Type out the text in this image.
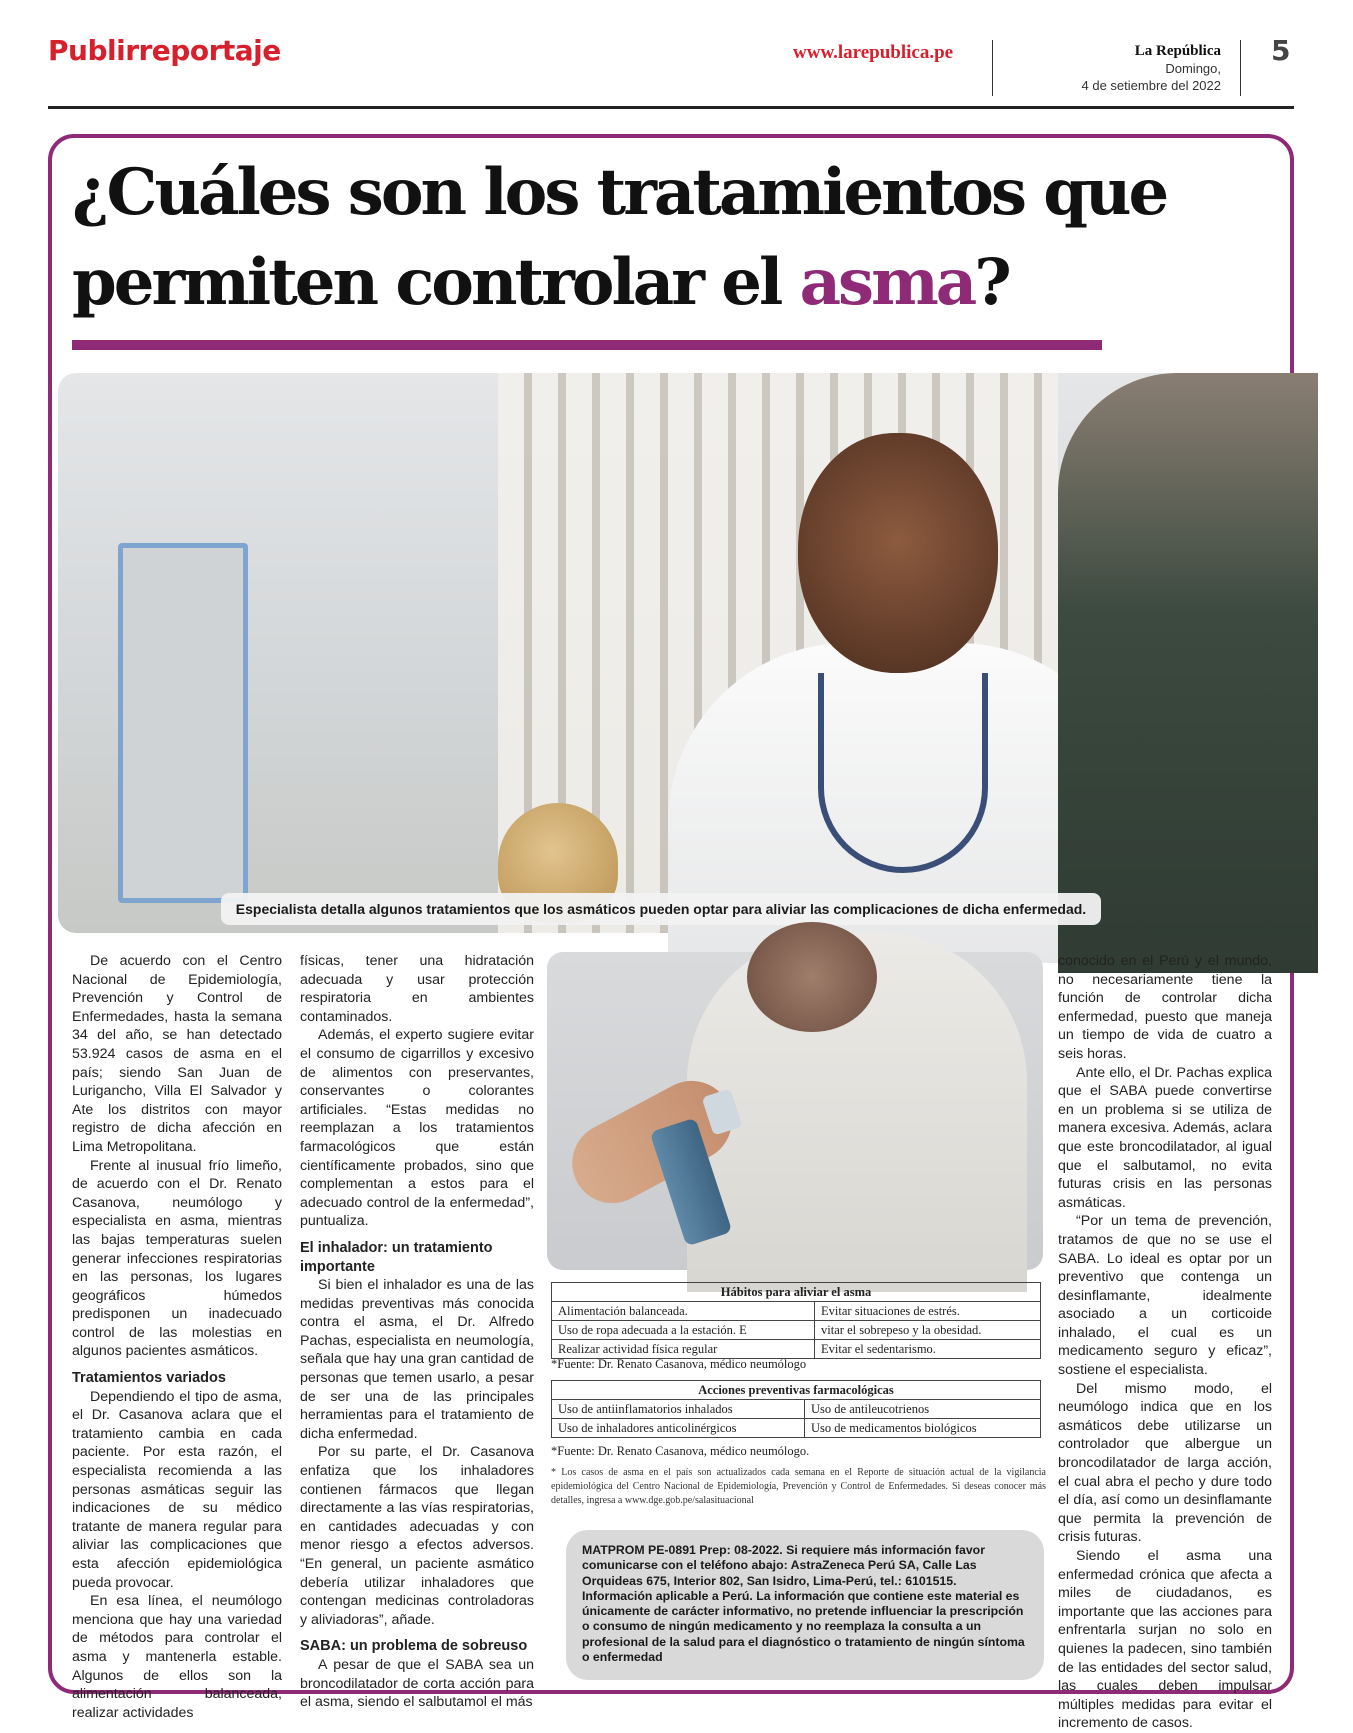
Publirreportaje	www.larepublica.pe	La República
Domingo,
4 de setiembre del 2022
5
¿Cuáles son los tratamientos que permiten controlar el asma?
Especialista detalla algunos tratamientos que los asmáticos pueden optar para aliviar las complicaciones de dicha enfermedad.

De acuerdo con el Centro Nacional de Epidemiología, Prevención y Control de Enfermedades, hasta la semana 34 del año, se han detectado 53.924 casos de asma en el país; siendo San Juan de Lurigancho, Villa El Salvador y Ate los distritos con mayor registro de dicha afección en Lima Metropolitana.

Frente al inusual frío limeño, de acuerdo con el Dr. Renato Casanova, neumólogo y especialista en asma, mientras las bajas temperaturas suelen generar infecciones respiratorias en las personas, los lugares geográficos húmedos predisponen un inadecuado control de las molestias en algunos pacientes asmáticos.

Tratamientos variados

Dependiendo el tipo de asma, el Dr. Casanova aclara que el tratamiento cambia en cada paciente. Por esta razón, el especialista recomienda a las personas asmáticas seguir las indicaciones de su médico tratante de manera regular para aliviar las complicaciones que esta afección epidemiológica pueda provocar.

En esa línea, el neumólogo menciona que hay una variedad de métodos para controlar el asma y mantenerla estable. Algunos de ellos son la alimentación balanceada, realizar actividades

físicas, tener una hidratación adecuada y usar protección respiratoria en ambientes contaminados.

Además, el experto sugiere evitar el consumo de cigarrillos y excesivo de alimentos con preservantes, conservantes o colorantes artificiales. “Estas medidas no reemplazan a los tratamientos farmacológicos que están científicamente probados, sino que complementan a estos para el adecuado control de la enfermedad”, puntualiza.

El inhalador: un tratamiento importante

Si bien el inhalador es una de las medidas preventivas más conocida contra el asma, el Dr. Alfredo Pachas, especialista en neumología, señala que hay una gran cantidad de personas que temen usarlo, a pesar de ser una de las principales herramientas para el tratamiento de dicha enfermedad.

Por su parte, el Dr. Casanova enfatiza que los inhaladores contienen fármacos que llegan directamente a las vías respiratorias, en cantidades adecuadas y con menor riesgo a efectos adversos. “En general, un paciente asmático debería utilizar inhaladores que contengan medicinas controladoras y aliviadoras”, añade.

SABA: un problema de sobreuso

A pesar de que el SABA sea un broncodilatador de corta acción para el asma, siendo el salbutamol el más

Hábitos para aliviar el asma	
Alimentación balanceada.	Evitar situaciones de estrés.
Uso de ropa adecuada a la estación. E	vitar el sobrepeso y la obesidad.
Realizar actividad física regular	Evitar el sedentarismo.
*Fuente: Dr. Renato Casanova, médico neumólogo
Acciones preventivas farmacológicas	
Uso de antiinflamatorios inhalados	Uso de antileucotrienos
Uso de inhaladores anticolinérgicos	Uso de medicamentos biológicos
*Fuente: Dr. Renato Casanova, médico neumólogo.
* Los casos de asma en el país son actualizados cada semana en el Reporte de situación actual de la vigilancia epidemiológica del Centro Nacional de Epidemiología, Prevención y Control de Enfermedades. Si deseas conocer más detalles, ingresa a www.dge.gob.pe/salasituacional
MATPROM PE-0891 Prep: 08-2022. Si requiere más información favor comunicarse con el teléfono abajo: AstraZeneca Perú SA, Calle Las Orquideas 675, Interior 802, San Isidro, Lima-Perú, tel.: 6101515. Información aplicable a Perú. La información que contiene este material es únicamente de carácter informativo, no pretende influenciar la prescripción o consumo de ningún medicamento y no reemplaza la consulta a un profesional de la salud para el diagnóstico o tratamiento de ningún síntoma o enfermedad

conocido en el Perú y el mundo, no necesariamente tiene la función de controlar dicha enfermedad, puesto que maneja un tiempo de vida de cuatro a seis horas.

Ante ello, el Dr. Pachas explica que el SABA puede convertirse en un problema si se utiliza de manera excesiva. Además, aclara que este broncodilatador, al igual que el salbutamol, no evita futuras crisis en las personas asmáticas.

“Por un tema de prevención, tratamos de que no se use el SABA. Lo ideal es optar por un preventivo que contenga un desinflamante, idealmente asociado a un corticoide inhalado, el cual es un medicamento seguro y eficaz”, sostiene el especialista.

Del mismo modo, el neumólogo indica que en los asmáticos debe utilizarse un controlador que albergue un broncodilatador de larga acción, el cual abra el pecho y dure todo el día, así como un desinflamante que permita la prevención de crisis futuras.

Siendo el asma una enfermedad crónica que afecta a miles de ciudadanos, es importante que las acciones para enfrentarla surjan no solo en quienes la padecen, sino también de las entidades del sector salud, las cuales deben impulsar múltiples medidas para evitar el incremento de casos.
